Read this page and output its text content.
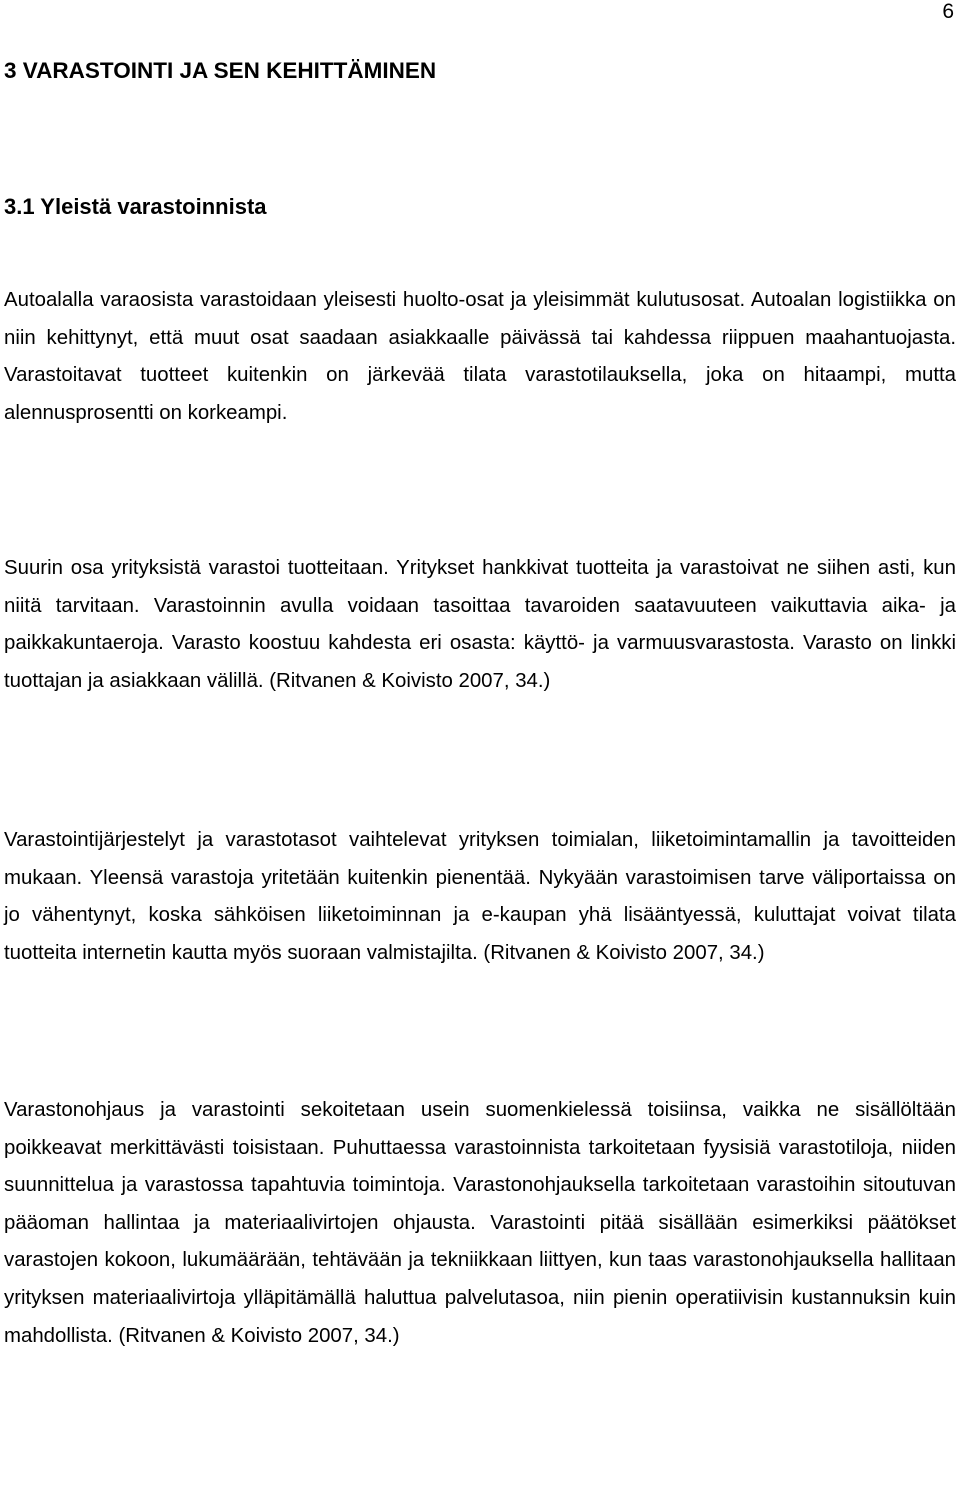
6
3 VARASTOINTI JA SEN KEHITTÄMINEN
3.1 Yleistä varastoinnista

Autoalalla varaosista varastoidaan yleisesti huolto-osat ja yleisimmät kulutusosat. Autoalan logistiikka on niin kehittynyt, että muut osat saadaan asiakkaalle päivässä tai kahdessa riippuen maahantuojasta. Varastoitavat tuotteet kuitenkin on järkevää tilata varastotilauksella, joka on hitaampi, mutta alennusprosentti on korkeampi.

Suurin osa yrityksistä varastoi tuotteitaan. Yritykset hankkivat tuotteita ja varastoivat ne siihen asti, kun niitä tarvitaan. Varastoinnin avulla voidaan tasoittaa tavaroiden saatavuuteen vaikuttavia aika- ja paikkakuntaeroja. Varasto koostuu kahdesta eri osasta: käyttö- ja varmuusvarastosta. Varasto on linkki tuottajan ja asiakkaan välillä. (Ritvanen & Koivisto 2007, 34.)

Varastointijärjestelyt ja varastotasot vaihtelevat yrityksen toimialan, liiketoimintamallin ja tavoitteiden mukaan. Yleensä varastoja yritetään kuitenkin pienentää. Nykyään varastoimisen tarve väliportaissa on jo vähentynyt, koska sähköisen liiketoiminnan ja e-kaupan yhä lisääntyessä, kuluttajat voivat tilata tuotteita internetin kautta myös suoraan valmistajilta. (Ritvanen & Koivisto 2007, 34.)

Varastonohjaus ja varastointi sekoitetaan usein suomenkielessä toisiinsa, vaikka ne sisällöltään poikkeavat merkittävästi toisistaan. Puhuttaessa varastoinnista tarkoitetaan fyysisiä varastotiloja, niiden suunnittelua ja varastossa tapahtuvia toimintoja. Varastonohjauksella tarkoitetaan varastoihin sitoutuvan pääoman hallintaa ja materiaalivirtojen ohjausta. Varastointi pitää sisällään esimerkiksi päätökset varastojen kokoon, lukumäärään, tehtävään ja tekniikkaan liittyen, kun taas varastonohjauksella hallitaan yrityksen materiaalivirtoja ylläpitämällä haluttua palvelutasoa, niin pienin operatiivisin kustannuksin kuin mahdollista. (Ritvanen & Koivisto 2007, 34.)
